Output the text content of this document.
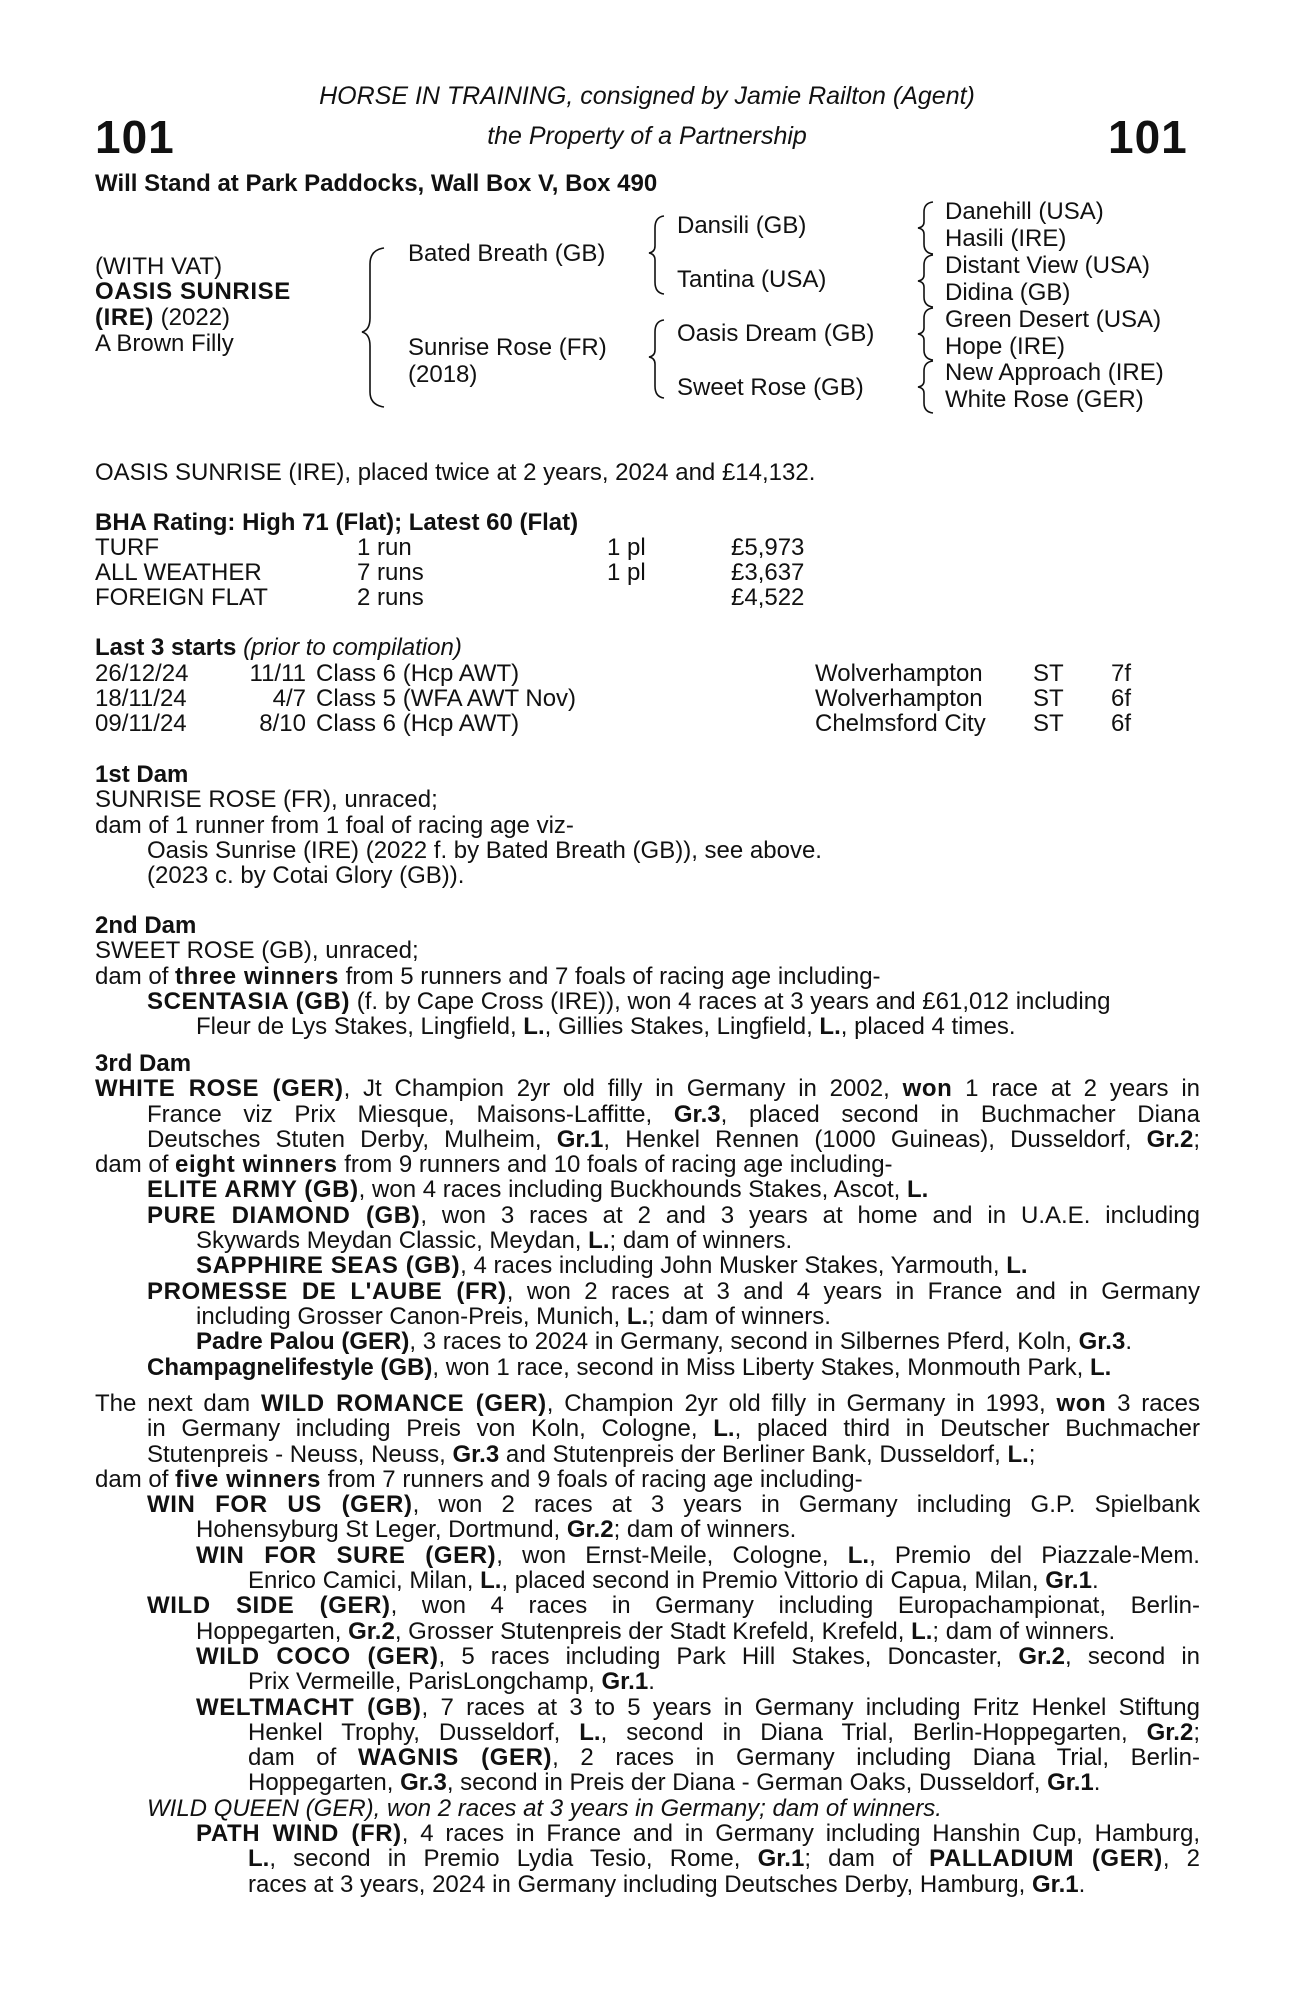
101	101
HORSE IN TRAINING, consigned by Jamie Railton (Agent)
the Property of a Partnership
Will Stand at Park Paddocks, Wall Box V, Box 490
(WITH VAT)
OASIS SUNRISE
(IRE) (2022)
A Brown Filly
Bated Breath (GB)
Sunrise Rose (FR)
(2018)
Dansili (GB)
Tantina (USA)
Oasis Dream (GB)
Sweet Rose (GB)
Danehill (USA)
Hasili (IRE)
Distant View (USA)
Didina (GB)
Green Desert (USA)
Hope (IRE)
New Approach (IRE)
White Rose (GER)
OASIS SUNRISE (IRE), placed twice at 2 years, 2024 and £14,132.
BHA Rating: High 71 (Flat); Latest 60 (Flat)
TURF	1 run	1 pl	£5,973
ALL WEATHER	7 runs	1 pl	£3,637
FOREIGN FLAT	2 runs	£4,522
Last 3 starts (prior to compilation)
26/12/24	11/11 Class 6 (Hcp AWT)	Wolverhampton ST 7f
18/11/24	4/7 Class 5 (WFA AWT Nov)	Wolverhampton ST 6f
09/11/24	8/10 Class 6 (Hcp AWT)	Chelmsford City ST 6f
1st Dam
SUNRISE ROSE (FR), unraced;
dam of 1 runner from 1 foal of racing age viz-
Oasis Sunrise (IRE) (2022 f. by Bated Breath (GB)), see above.
(2023 c. by Cotai Glory (GB)).
2nd Dam
SWEET ROSE (GB), unraced;
dam of three winners from 5 runners and 7 foals of racing age including-
SCENTASIA (GB) (f. by Cape Cross (IRE)), won 4 races at 3 years and £61,012 including
Fleur de Lys Stakes, Lingfield, L., Gillies Stakes, Lingfield, L., placed 4 times.
3rd Dam
WHITE ROSE (GER), Jt Champion 2yr old filly in Germany in 2002, won 1 race at 2 years in
France viz Prix Miesque, Maisons-Laffitte, Gr.3, placed second in Buchmacher Diana
Deutsches Stuten Derby, Mulheim, Gr.1, Henkel Rennen (1000 Guineas), Dusseldorf, Gr.2;
dam of eight winners from 9 runners and 10 foals of racing age including-
ELITE ARMY (GB), won 4 races including Buckhounds Stakes, Ascot, L.
PURE DIAMOND (GB), won 3 races at 2 and 3 years at home and in U.A.E. including
Skywards Meydan Classic, Meydan, L.; dam of winners.
SAPPHIRE SEAS (GB), 4 races including John Musker Stakes, Yarmouth, L.
PROMESSE DE L'AUBE (FR), won 2 races at 3 and 4 years in France and in Germany
including Grosser Canon-Preis, Munich, L.; dam of winners.
Padre Palou (GER), 3 races to 2024 in Germany, second in Silbernes Pferd, Koln, Gr.3.
Champagnelifestyle (GB), won 1 race, second in Miss Liberty Stakes, Monmouth Park, L.
The next dam WILD ROMANCE (GER), Champion 2yr old filly in Germany in 1993, won 3 races
in Germany including Preis von Koln, Cologne, L., placed third in Deutscher Buchmacher
Stutenpreis - Neuss, Neuss, Gr.3 and Stutenpreis der Berliner Bank, Dusseldorf, L.;
dam of five winners from 7 runners and 9 foals of racing age including-
WIN FOR US (GER), won 2 races at 3 years in Germany including G.P. Spielbank
Hohensyburg St Leger, Dortmund, Gr.2; dam of winners.
WIN FOR SURE (GER), won Ernst-Meile, Cologne, L., Premio del Piazzale-Mem.
Enrico Camici, Milan, L., placed second in Premio Vittorio di Capua, Milan, Gr.1.
WILD SIDE (GER), won 4 races in Germany including Europachampionat, Berlin-
Hoppegarten, Gr.2, Grosser Stutenpreis der Stadt Krefeld, Krefeld, L.; dam of winners.
WILD COCO (GER), 5 races including Park Hill Stakes, Doncaster, Gr.2, second in
Prix Vermeille, ParisLongchamp, Gr.1.
WELTMACHT (GB), 7 races at 3 to 5 years in Germany including Fritz Henkel Stiftung
Henkel Trophy, Dusseldorf, L., second in Diana Trial, Berlin-Hoppegarten, Gr.2;
dam of WAGNIS (GER), 2 races in Germany including Diana Trial, Berlin-
Hoppegarten, Gr.3, second in Preis der Diana - German Oaks, Dusseldorf, Gr.1.
WILD QUEEN (GER), won 2 races at 3 years in Germany; dam of winners.
PATH WIND (FR), 4 races in France and in Germany including Hanshin Cup, Hamburg,
L., second in Premio Lydia Tesio, Rome, Gr.1; dam of PALLADIUM (GER), 2
races at 3 years, 2024 in Germany including Deutsches Derby, Hamburg, Gr.1.
